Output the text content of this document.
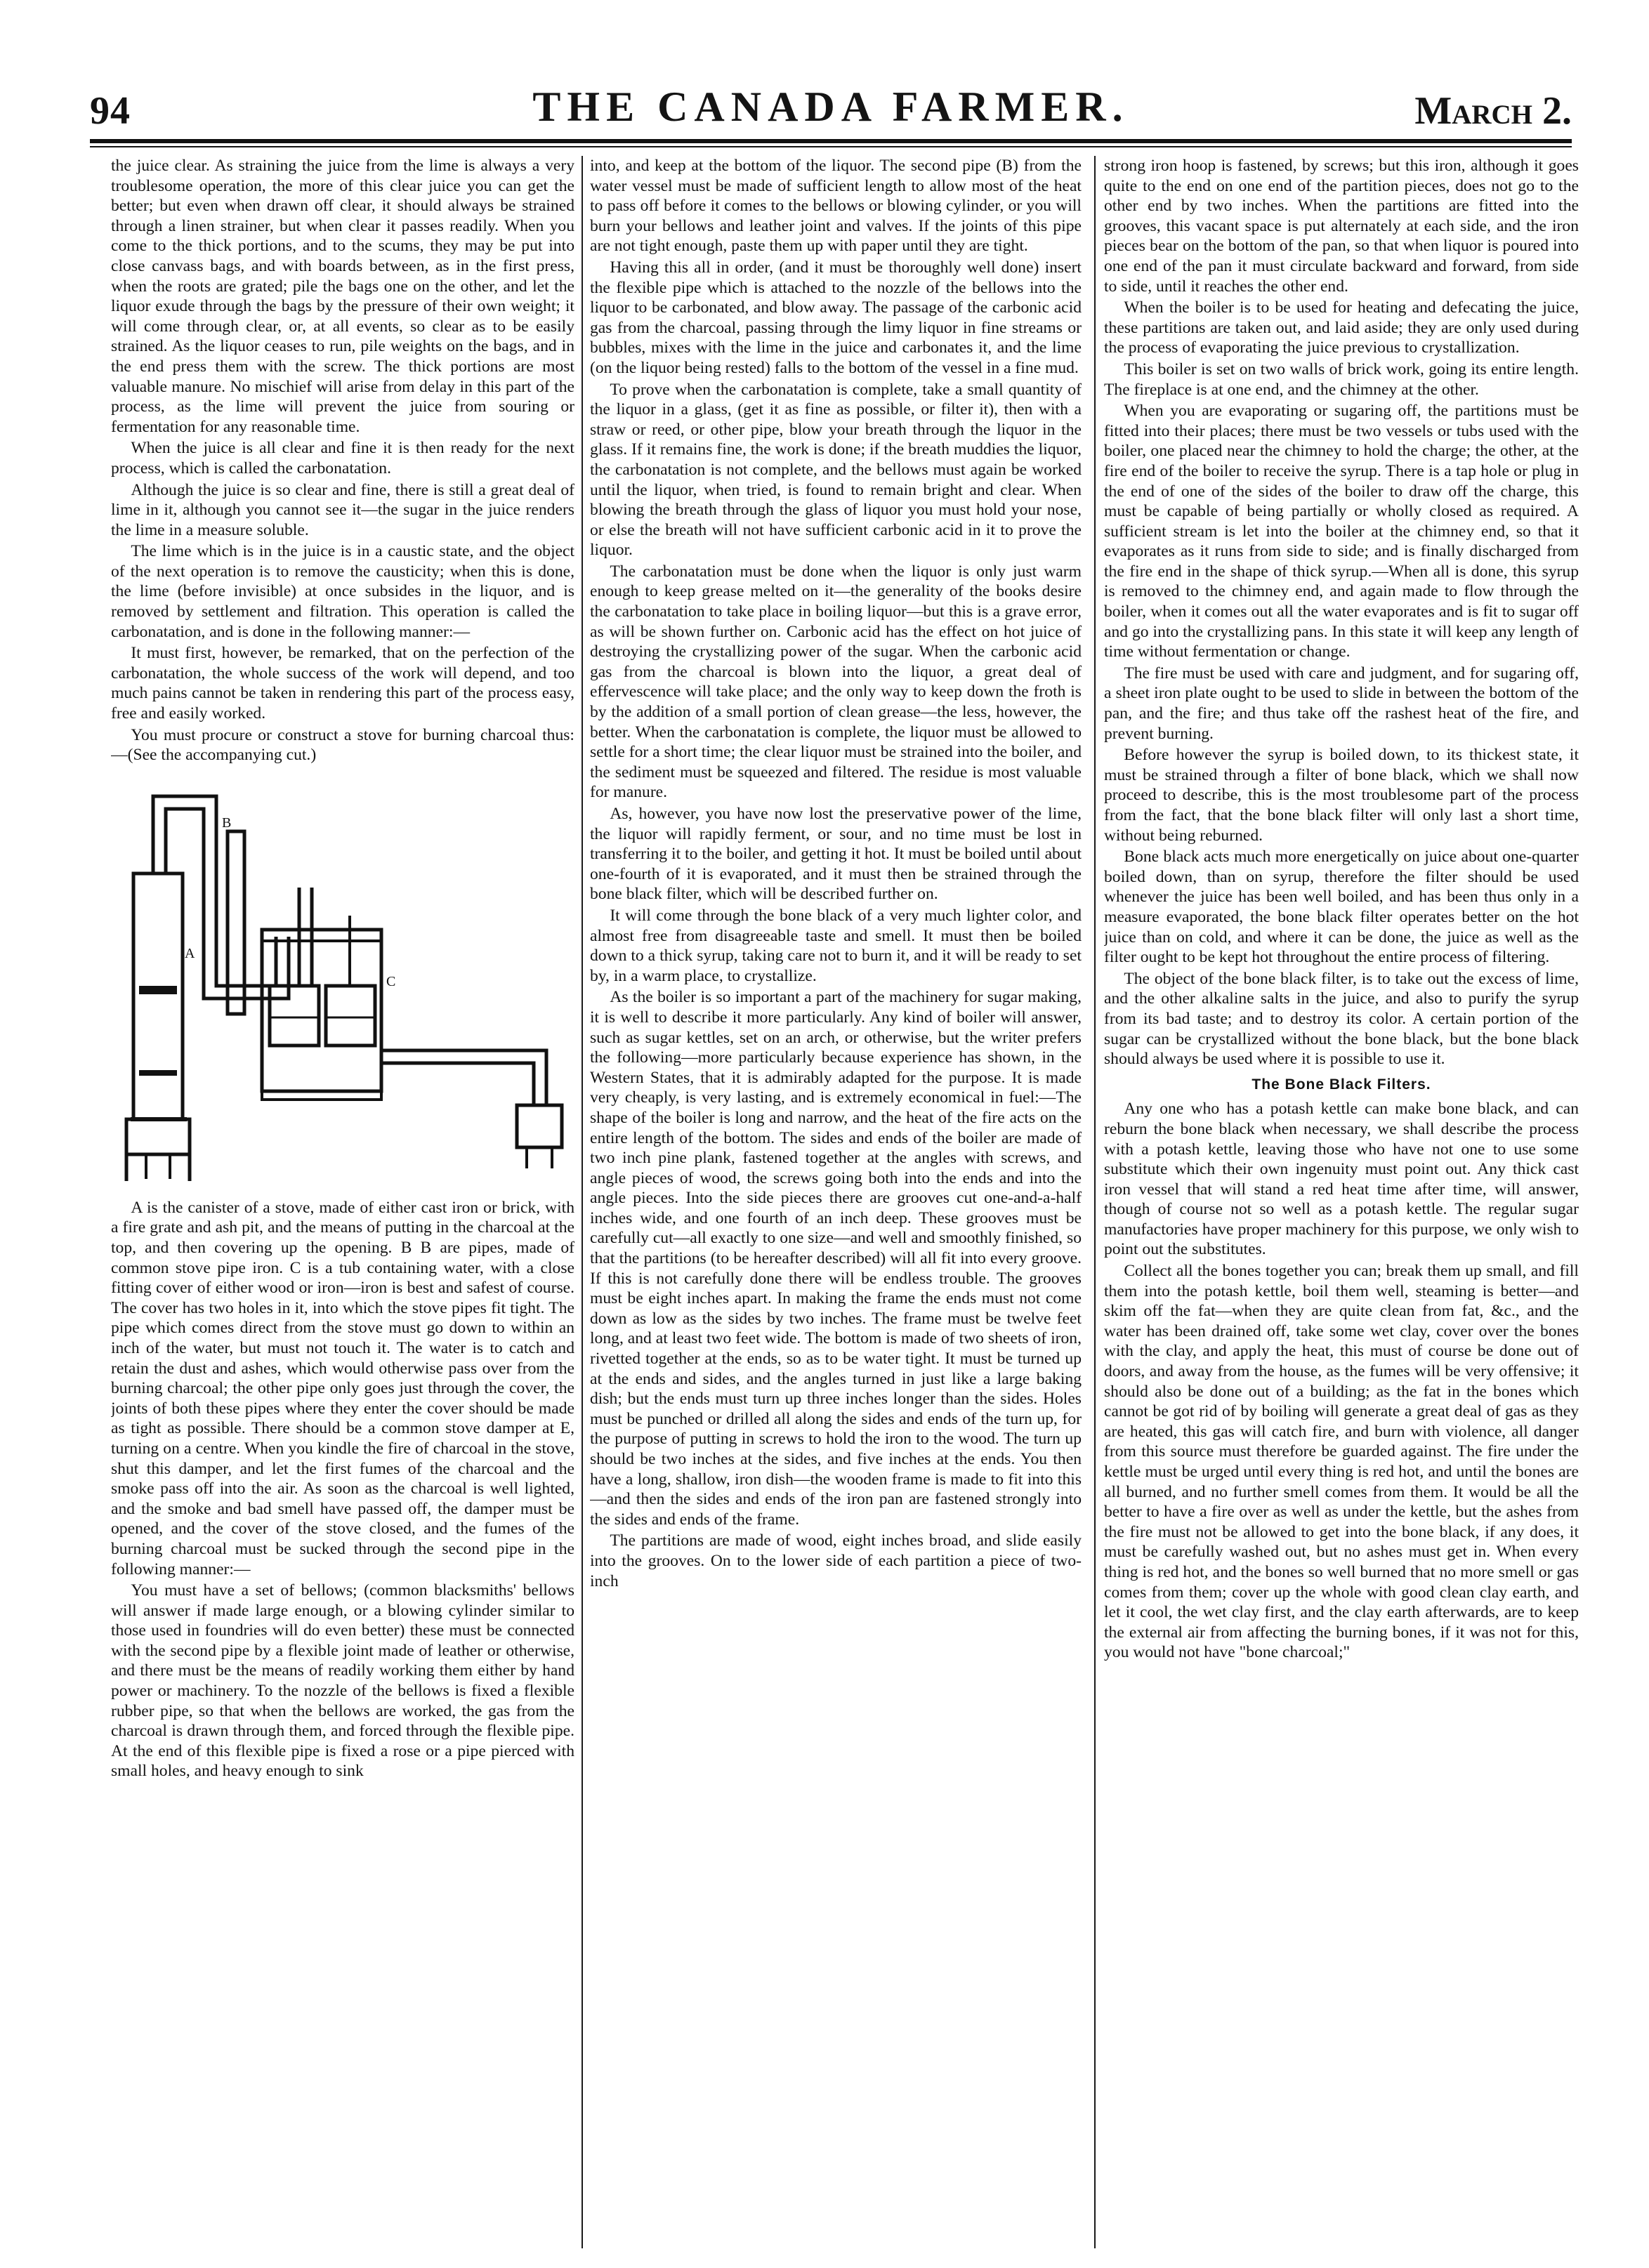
94	THE CANADA FARMER.	March 2.

the juice clear. As straining the juice from the lime is always a very troublesome operation, the more of this clear juice you can get the better; but even when drawn off clear, it should always be strained through a linen strainer, but when clear it passes readily. When you come to the thick portions, and to the scums, they may be put into close canvass bags, and with boards between, as in the first press, when the roots are grated; pile the bags one on the other, and let the liquor exude through the bags by the pressure of their own weight; it will come through clear, or, at all events, so clear as to be easily strained. As the liquor ceases to run, pile weights on the bags, and in the end press them with the screw. The thick portions are most valuable manure. No mischief will arise from delay in this part of the process, as the lime will prevent the juice from souring or fermentation for any reasonable time.

When the juice is all clear and fine it is then ready for the next process, which is called the carbonatation.

Although the juice is so clear and fine, there is still a great deal of lime in it, although you cannot see it—the sugar in the juice renders the lime in a measure soluble.

The lime which is in the juice is in a caustic state, and the object of the next operation is to remove the causticity; when this is done, the lime (before invisible) at once subsides in the liquor, and is removed by settlement and filtration. This operation is called the carbonatation, and is done in the following manner:—

It must first, however, be remarked, that on the perfection of the carbonatation, the whole success of the work will depend, and too much pains cannot be taken in rendering this part of the process easy, free and easily worked.

You must procure or construct a stove for burning charcoal thus:—(See the accompanying cut.)

A
B
C

A is the canister of a stove, made of either cast iron or brick, with a fire grate and ash pit, and the means of putting in the charcoal at the top, and then covering up the opening. B B are pipes, made of common stove pipe iron. C is a tub containing water, with a close fitting cover of either wood or iron—iron is best and safest of course. The cover has two holes in it, into which the stove pipes fit tight. The pipe which comes direct from the stove must go down to within an inch of the water, but must not touch it. The water is to catch and retain the dust and ashes, which would otherwise pass over from the burning charcoal; the other pipe only goes just through the cover, the joints of both these pipes where they enter the cover should be made as tight as possible. There should be a common stove damper at E, turning on a centre. When you kindle the fire of charcoal in the stove, shut this damper, and let the first fumes of the charcoal and the smoke pass off into the air. As soon as the charcoal is well lighted, and the smoke and bad smell have passed off, the damper must be opened, and the cover of the stove closed, and the fumes of the burning charcoal must be sucked through the second pipe in the following manner:—

You must have a set of bellows; (common blacksmiths' bellows will answer if made large enough, or a blowing cylinder similar to those used in foundries will do even better) these must be connected with the second pipe by a flexible joint made of leather or otherwise, and there must be the means of readily working them either by hand power or machinery. To the nozzle of the bellows is fixed a flexible rubber pipe, so that when the bellows are worked, the gas from the charcoal is drawn through them, and forced through the flexible pipe. At the end of this flexible pipe is fixed a rose or a pipe pierced with small holes, and heavy enough to sink

into, and keep at the bottom of the liquor. The second pipe (B) from the water vessel must be made of sufficient length to allow most of the heat to pass off before it comes to the bellows or blowing cylinder, or you will burn your bellows and leather joint and valves. If the joints of this pipe are not tight enough, paste them up with paper until they are tight.

Having this all in order, (and it must be thoroughly well done) insert the flexible pipe which is attached to the nozzle of the bellows into the liquor to be carbonated, and blow away. The passage of the carbonic acid gas from the charcoal, passing through the limy liquor in fine streams or bubbles, mixes with the lime in the juice and carbonates it, and the lime (on the liquor being rested) falls to the bottom of the vessel in a fine mud.

To prove when the carbonatation is complete, take a small quantity of the liquor in a glass, (get it as fine as possible, or filter it), then with a straw or reed, or other pipe, blow your breath through the liquor in the glass. If it remains fine, the work is done; if the breath muddies the liquor, the carbonatation is not complete, and the bellows must again be worked until the liquor, when tried, is found to remain bright and clear. When blowing the breath through the glass of liquor you must hold your nose, or else the breath will not have sufficient carbonic acid in it to prove the liquor.

The carbonatation must be done when the liquor is only just warm enough to keep grease melted on it—the generality of the books desire the carbonatation to take place in boiling liquor—but this is a grave error, as will be shown further on. Carbonic acid has the effect on hot juice of destroying the crystallizing power of the sugar. When the carbonic acid gas from the charcoal is blown into the liquor, a great deal of effervescence will take place; and the only way to keep down the froth is by the addition of a small portion of clean grease—the less, however, the better. When the carbonatation is complete, the liquor must be allowed to settle for a short time; the clear liquor must be strained into the boiler, and the sediment must be squeezed and filtered. The residue is most valuable for manure.

As, however, you have now lost the preservative power of the lime, the liquor will rapidly ferment, or sour, and no time must be lost in transferring it to the boiler, and getting it hot. It must be boiled until about one-fourth of it is evaporated, and it must then be strained through the bone black filter, which will be described further on.

It will come through the bone black of a very much lighter color, and almost free from disagreeable taste and smell. It must then be boiled down to a thick syrup, taking care not to burn it, and it will be ready to set by, in a warm place, to crystallize.

As the boiler is so important a part of the machinery for sugar making, it is well to describe it more particularly. Any kind of boiler will answer, such as sugar kettles, set on an arch, or otherwise, but the writer prefers the following—more particularly because experience has shown, in the Western States, that it is admirably adapted for the purpose. It is made very cheaply, is very lasting, and is extremely economical in fuel:—The shape of the boiler is long and narrow, and the heat of the fire acts on the entire length of the bottom. The sides and ends of the boiler are made of two inch pine plank, fastened together at the angles with screws, and angle pieces of wood, the screws going both into the ends and into the angle pieces. Into the side pieces there are grooves cut one-and-a-half inches wide, and one fourth of an inch deep. These grooves must be carefully cut—all exactly to one size—and well and smoothly finished, so that the partitions (to be hereafter described) will all fit into every groove. If this is not carefully done there will be endless trouble. The grooves must be eight inches apart. In making the frame the ends must not come down as low as the sides by two inches. The frame must be twelve feet long, and at least two feet wide. The bottom is made of two sheets of iron, rivetted together at the ends, so as to be water tight. It must be turned up at the ends and sides, and the angles turned in just like a large baking dish; but the ends must turn up three inches longer than the sides. Holes must be punched or drilled all along the sides and ends of the turn up, for the purpose of putting in screws to hold the iron to the wood. The turn up should be two inches at the sides, and five inches at the ends. You then have a long, shallow, iron dish—the wooden frame is made to fit into this—and then the sides and ends of the iron pan are fastened strongly into the sides and ends of the frame.

The partitions are made of wood, eight inches broad, and slide easily into the grooves. On to the lower side of each partition a piece of two-inch

strong iron hoop is fastened, by screws; but this iron, although it goes quite to the end on one end of the partition pieces, does not go to the other end by two inches. When the partitions are fitted into the grooves, this vacant space is put alternately at each side, and the iron pieces bear on the bottom of the pan, so that when liquor is poured into one end of the pan it must circulate backward and forward, from side to side, until it reaches the other end.

When the boiler is to be used for heating and defecating the juice, these partitions are taken out, and laid aside; they are only used during the process of evaporating the juice previous to crystallization.

This boiler is set on two walls of brick work, going its entire length. The fireplace is at one end, and the chimney at the other.

When you are evaporating or sugaring off, the partitions must be fitted into their places; there must be two vessels or tubs used with the boiler, one placed near the chimney to hold the charge; the other, at the fire end of the boiler to receive the syrup. There is a tap hole or plug in the end of one of the sides of the boiler to draw off the charge, this must be capable of being partially or wholly closed as required. A sufficient stream is let into the boiler at the chimney end, so that it evaporates as it runs from side to side; and is finally discharged from the fire end in the shape of thick syrup.—When all is done, this syrup is removed to the chimney end, and again made to flow through the boiler, when it comes out all the water evaporates and is fit to sugar off and go into the crystallizing pans. In this state it will keep any length of time without fermentation or change.

The fire must be used with care and judgment, and for sugaring off, a sheet iron plate ought to be used to slide in between the bottom of the pan, and the fire; and thus take off the rashest heat of the fire, and prevent burning.

Before however the syrup is boiled down, to its thickest state, it must be strained through a filter of bone black, which we shall now proceed to describe, this is the most troublesome part of the process from the fact, that the bone black filter will only last a short time, without being reburned.

Bone black acts much more energetically on juice about one-quarter boiled down, than on syrup, therefore the filter should be used whenever the juice has been well boiled, and has been thus only in a measure evaporated, the bone black filter operates better on the hot juice than on cold, and where it can be done, the juice as well as the filter ought to be kept hot throughout the entire process of filtering.

The object of the bone black filter, is to take out the excess of lime, and the other alkaline salts in the juice, and also to purify the syrup from its bad taste; and to destroy its color. A certain portion of the sugar can be crystallized without the bone black, but the bone black should always be used where it is possible to use it.

The Bone Black Filters.

Any one who has a potash kettle can make bone black, and can reburn the bone black when necessary, we shall describe the process with a potash kettle, leaving those who have not one to use some substitute which their own ingenuity must point out. Any thick cast iron vessel that will stand a red heat time after time, will answer, though of course not so well as a potash kettle. The regular sugar manufactories have proper machinery for this purpose, we only wish to point out the substitutes.

Collect all the bones together you can; break them up small, and fill them into the potash kettle, boil them well, steaming is better—and skim off the fat—when they are quite clean from fat, &c., and the water has been drained off, take some wet clay, cover over the bones with the clay, and apply the heat, this must of course be done out of doors, and away from the house, as the fumes will be very offensive; it should also be done out of a building; as the fat in the bones which cannot be got rid of by boiling will generate a great deal of gas as they are heated, this gas will catch fire, and burn with violence, all danger from this source must therefore be guarded against. The fire under the kettle must be urged until every thing is red hot, and until the bones are all burned, and no further smell comes from them. It would be all the better to have a fire over as well as under the kettle, but the ashes from the fire must not be allowed to get into the bone black, if any does, it must be carefully washed out, but no ashes must get in. When every thing is red hot, and the bones so well burned that no more smell or gas comes from them; cover up the whole with good clean clay earth, and let it cool, the wet clay first, and the clay earth afterwards, are to keep the external air from affecting the burning bones, if it was not for this, you would not have "bone charcoal;"
